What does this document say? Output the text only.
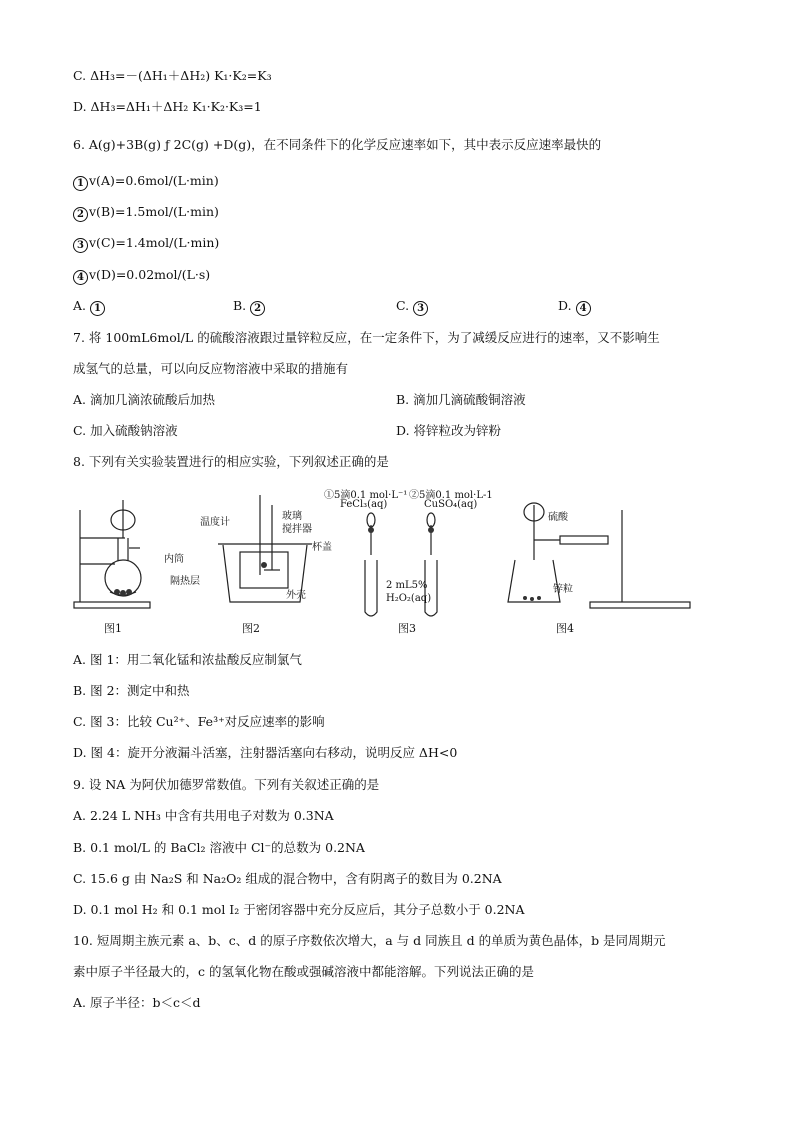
C. ΔH₃=－(ΔH₁＋ΔH₂) K₁·K₂=K₃
D. ΔH₃=ΔH₁＋ΔH₂ K₁·K₂·K₃=1
6. A(g)+3B(g) ƒ 2C(g) +D(g)，在不同条件下的化学反应速率如下，其中表示反应速率最快的
1 v(A)=0.6mol/(L·min)
2 v(B)=1.5mol/(L·min)
3 v(C)=1.4mol/(L·min)
4 v(D)=0.02mol/(L·s)
A. 1	B. 2	C. 3	D. 4
7. 将 100mL6mol/L 的硫酸溶液跟过量锌粒反应，在一定条件下，为了减缓反应进行的速率，又不影响生
成氢气的总量，可以向反应物溶液中采取的措施有
A. 滴加几滴浓硫酸后加热	B. 滴加几滴硫酸铜溶液
C. 加入硫酸钠溶液	D. 将锌粒改为锌粉
8. 下列有关实验装置进行的相应实验，下列叙述正确的是
温度计
玻璃
搅拌器
杯盖
内筒
隔热层
外壳
①5滴0.1 mol·L⁻¹
FeCl₃(aq)
②5滴0.1 mol·L-1
CuSO₄(aq)
2 mL5%
H₂O₂(aq)
硫酸
锌粒
图1	图2	图3	图4
A. 图 1：用二氧化锰和浓盐酸反应制氯气
B. 图 2：测定中和热
C. 图 3：比较 Cu²⁺、Fe³⁺对反应速率的影响
D. 图 4：旋开分液漏斗活塞，注射器活塞向右移动，说明反应 ΔH<0
9. 设 NA 为阿伏加德罗常数值。下列有关叙述正确的是
A. 2.24 L NH₃ 中含有共用电子对数为 0.3NA
B. 0.1 mol/L 的 BaCl₂ 溶液中 Cl⁻的总数为 0.2NA
C. 15.6 g 由 Na₂S 和 Na₂O₂ 组成的混合物中，含有阴离子的数目为 0.2NA
D. 0.1 mol H₂ 和 0.1 mol I₂ 于密闭容器中充分反应后，其分子总数小于 0.2NA
10. 短周期主族元素 a、b、c、d 的原子序数依次增大，a 与 d 同族且 d 的单质为黄色晶体，b 是同周期元
素中原子半径最大的，c 的氢氧化物在酸或强碱溶液中都能溶解。下列说法正确的是
A. 原子半径：b＜c＜d
